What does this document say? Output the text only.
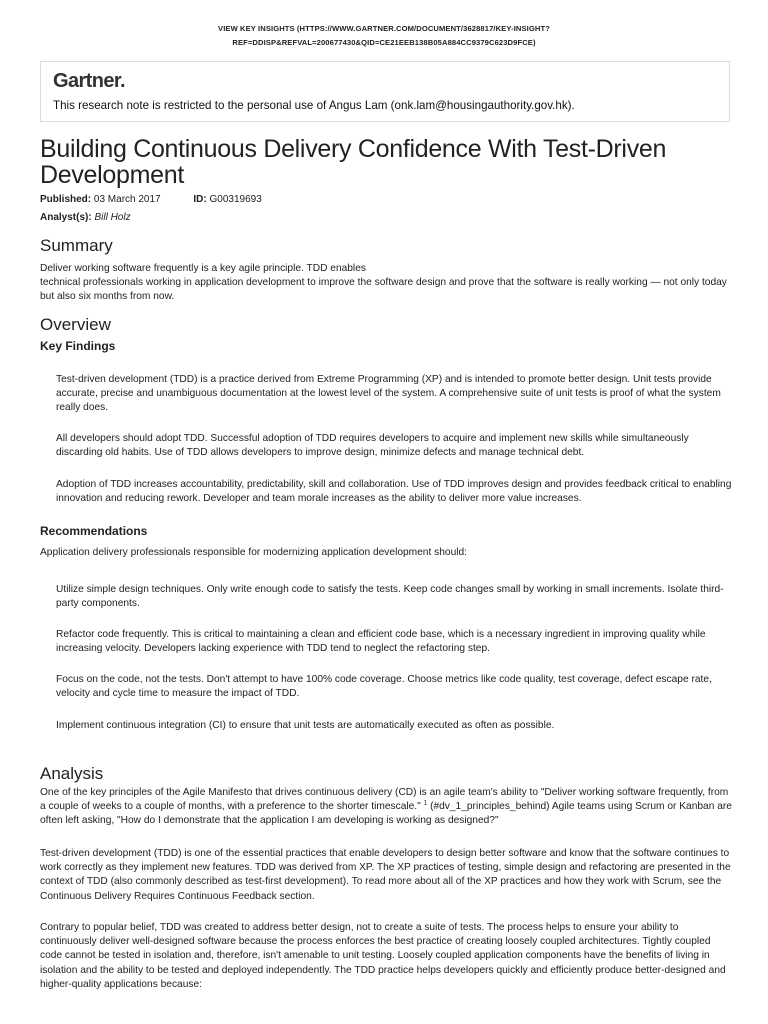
VIEW KEY INSIGHTS (HTTPS://WWW.GARTNER.COM/DOCUMENT/3628817/KEY-INSIGHT?
REF=DDISP&REFVAL=200677430&QID=CE21EEB138B05A884CC9379C623D9FCE)
Gartner.
This research note is restricted to the personal use of Angus Lam (onk.lam@housingauthority.gov.hk).
Building Continuous Delivery Confidence With Test-Driven Development
Published: 03 March 2017	ID: G00319693
Analyst(s): Bill Holz
Summary

Deliver working software frequently is a key agile principle. TDD enables

technical professionals working in application development to improve the software design and prove that the software is really working — not only today but also six months from now.

Overview
Key Findings

Test-driven development (TDD) is a practice derived from Extreme Programming (XP) and is intended to promote better design. Unit tests provide accurate, precise and unambiguous documentation at the lowest level of the system. A comprehensive suite of unit tests is proof of what the system really does.

All developers should adopt TDD. Successful adoption of TDD requires developers to acquire and implement new skills while simultaneously discarding old habits. Use of TDD allows developers to improve design, minimize defects and manage technical debt.

Adoption of TDD increases accountability, predictability, skill and collaboration. Use of TDD improves design and provides feedback critical to enabling innovation and reducing rework. Developer and team morale increases as the ability to deliver more value increases.

Recommendations

Application delivery professionals responsible for modernizing application development should:

Utilize simple design techniques. Only write enough code to satisfy the tests. Keep code changes small by working in small increments. Isolate third-party components.

Refactor code frequently. This is critical to maintaining a clean and efficient code base, which is a necessary ingredient in improving quality while increasing velocity. Developers lacking experience with TDD tend to neglect the refactoring step.

Focus on the code, not the tests. Don't attempt to have 100% code coverage. Choose metrics like code quality, test coverage, defect escape rate, velocity and cycle time to measure the impact of TDD.

Implement continuous integration (CI) to ensure that unit tests are automatically executed as often as possible.

Analysis

One of the key principles of the Agile Manifesto that drives continuous delivery (CD) is an agile team's ability to "Deliver working software frequently, from a couple of weeks to a couple of months, with a preference to the shorter timescale." $^1$ (#dv_1_principles_behind) Agile teams using Scrum or Kanban are often left asking, "How do I demonstrate that the application I am developing is working as designed?"

Test-driven development (TDD) is one of the essential practices that enable developers to design better software and know that the software continues to work correctly as they implement new features. TDD was derived from XP. The XP practices of testing, simple design and refactoring are presented in the context of TDD (also commonly described as test-first development). To read more about all of the XP practices and how they work with Scrum, see the Continuous Delivery Requires Continuous Feedback section.

Contrary to popular belief, TDD was created to address better design, not to create a suite of tests. The process helps to ensure your ability to continuously deliver well-designed software because the process enforces the best practice of creating loosely coupled architectures. Tightly coupled code cannot be tested in isolation and, therefore, isn't amenable to unit testing. Loosely coupled application components have the benefits of living in isolation and the ability to be tested and deployed independently. The TDD practice helps developers quickly and efficiently produce better-designed and higher-quality applications because:
